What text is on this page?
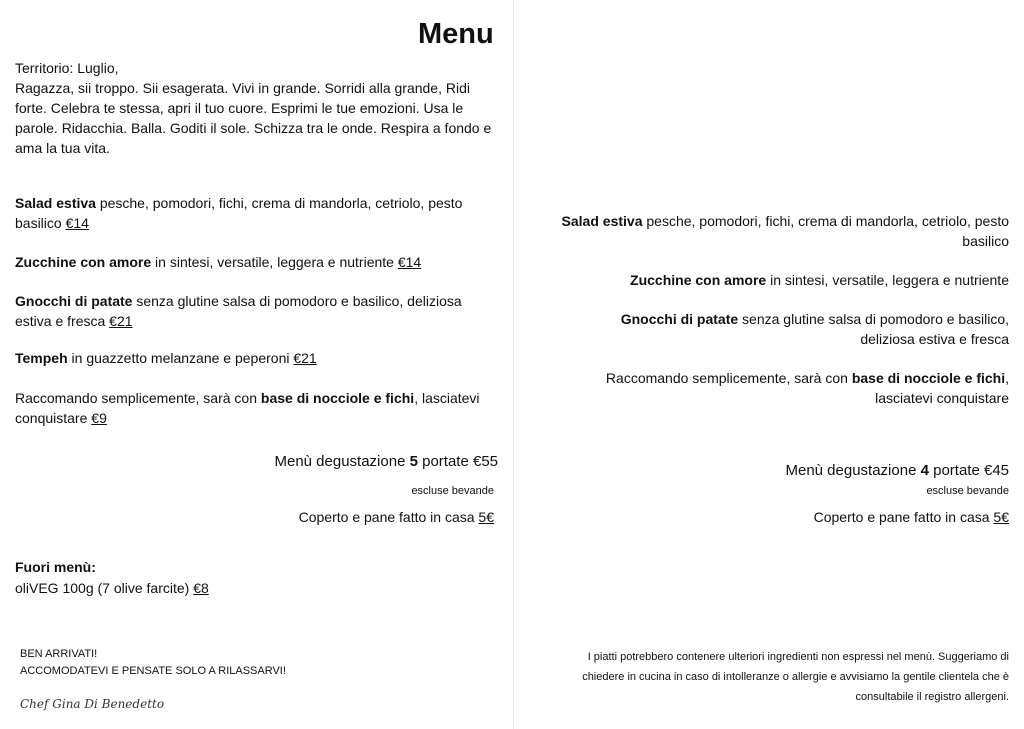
Menu
Territorio: Luglio,
Ragazza, sii troppo. Sii esagerata. Vivi in grande. Sorridi alla grande, Ridi forte. Celebra te stessa, apri il tuo cuore. Esprimi le tue emozioni. Usa le parole. Ridacchia. Balla. Goditi il sole. Schizza tra le onde. Respira a fondo e ama la tua vita.
Salad estiva pesche, pomodori, fichi, crema di mandorla, cetriolo, pesto basilico €14
Zucchine con amore in sintesi, versatile, leggera e nutriente €14
Gnocchi di patate senza glutine salsa di pomodoro e basilico, deliziosa estiva e fresca €21
Tempeh in guazzetto melanzane e peperoni €21
Raccomando semplicemente, sarà con base di nocciole e fichi, lasciatevi conquistare €9
Menù degustazione 5 portate €55
escluse bevande
Coperto e pane fatto in casa 5€
Fuori menù:
oliVEG 100g (7 olive farcite) €8
BEN ARRIVATI!
ACCOMODATEVI E PENSATE SOLO A RILASSARVI!
Chef Gina Di Benedetto
Salad estiva pesche, pomodori, fichi, crema di mandorla, cetriolo, pesto basilico
Zucchine con amore in sintesi, versatile, leggera e nutriente
Gnocchi di patate senza glutine salsa di pomodoro e basilico, deliziosa estiva e fresca
Raccomando semplicemente, sarà con base di nocciole e fichi, lasciatevi conquistare
Menù degustazione 4 portate €45
escluse bevande
Coperto e pane fatto in casa 5€
I piatti potrebbero contenere ulteriori ingredienti non espressi nel menù. Suggeriamo di chiedere in cucina in caso di intolleranze o allergie e avvisiamo la gentile clientela che è consultabile il registro allergeni.
